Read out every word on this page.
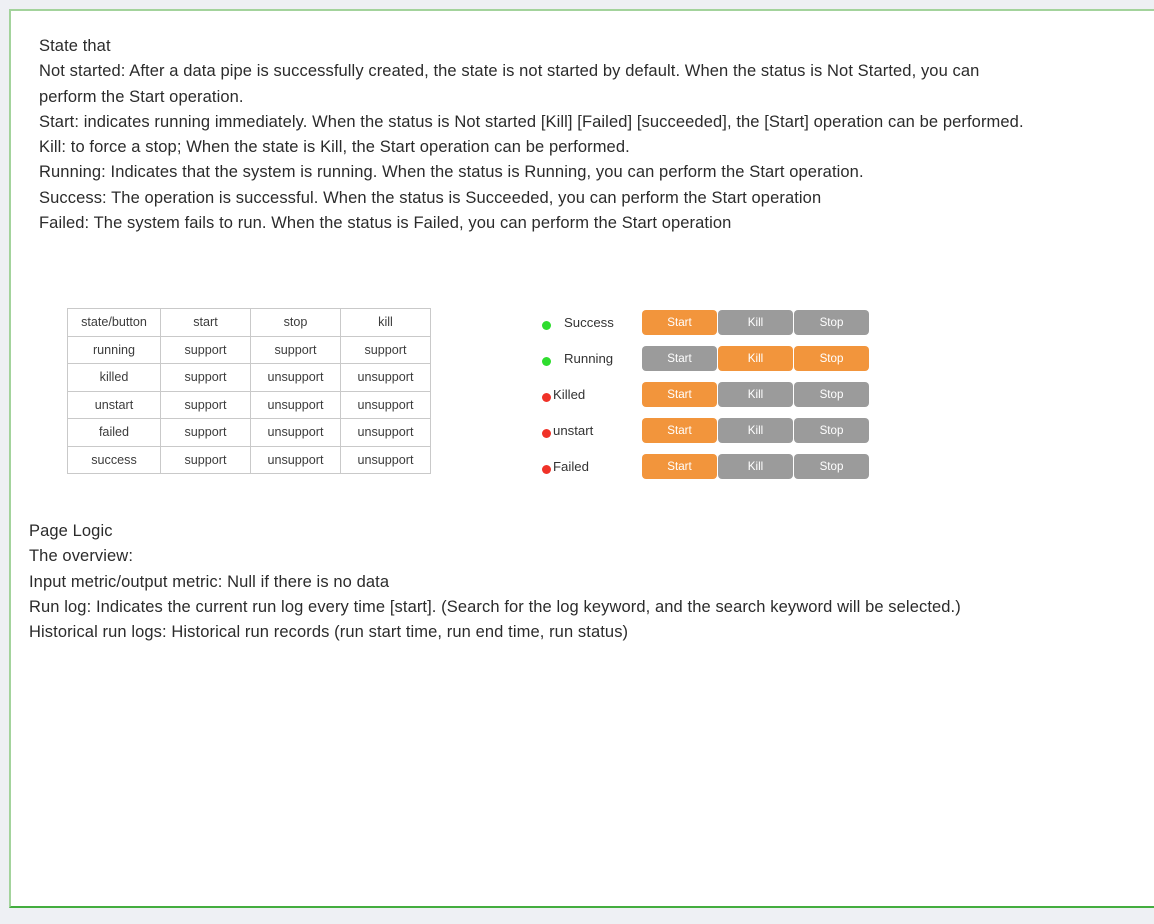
State that
Not started: After a data pipe is successfully created, the state is not started by default. When the status is Not Started, you can perform the Start operation.
Start: indicates running immediately. When the status is Not started [Kill] [Failed] [succeeded], the [Start] operation can be performed.
Kill: to force a stop; When the state is Kill, the Start operation can be performed.
Running: Indicates that the system is running. When the status is Running, you can perform the Start operation.
Success: The operation is successful. When the status is Succeeded, you can perform the Start operation
Failed: The system fails to run. When the status is Failed, you can perform the Start operation
state/button	start	stop	kill
running	support	support	support
killed	support	unsupport	unsupport
unstart	support	unsupport	unsupport
failed	support	unsupport	unsupport
success	support	unsupport	unsupport
Success	Start	Kill	Stop
Running	Start	Kill	Stop
Killed	Start	Kill	Stop
unstart	Start	Kill	Stop
Failed	Start	Kill	Stop
Page Logic
The overview:
Input metric/output metric: Null if there is no data
Run log: Indicates the current run log every time [start]. (Search for the log keyword, and the search keyword will be selected.)
Historical run logs: Historical run records (run start time, run end time, run status)
